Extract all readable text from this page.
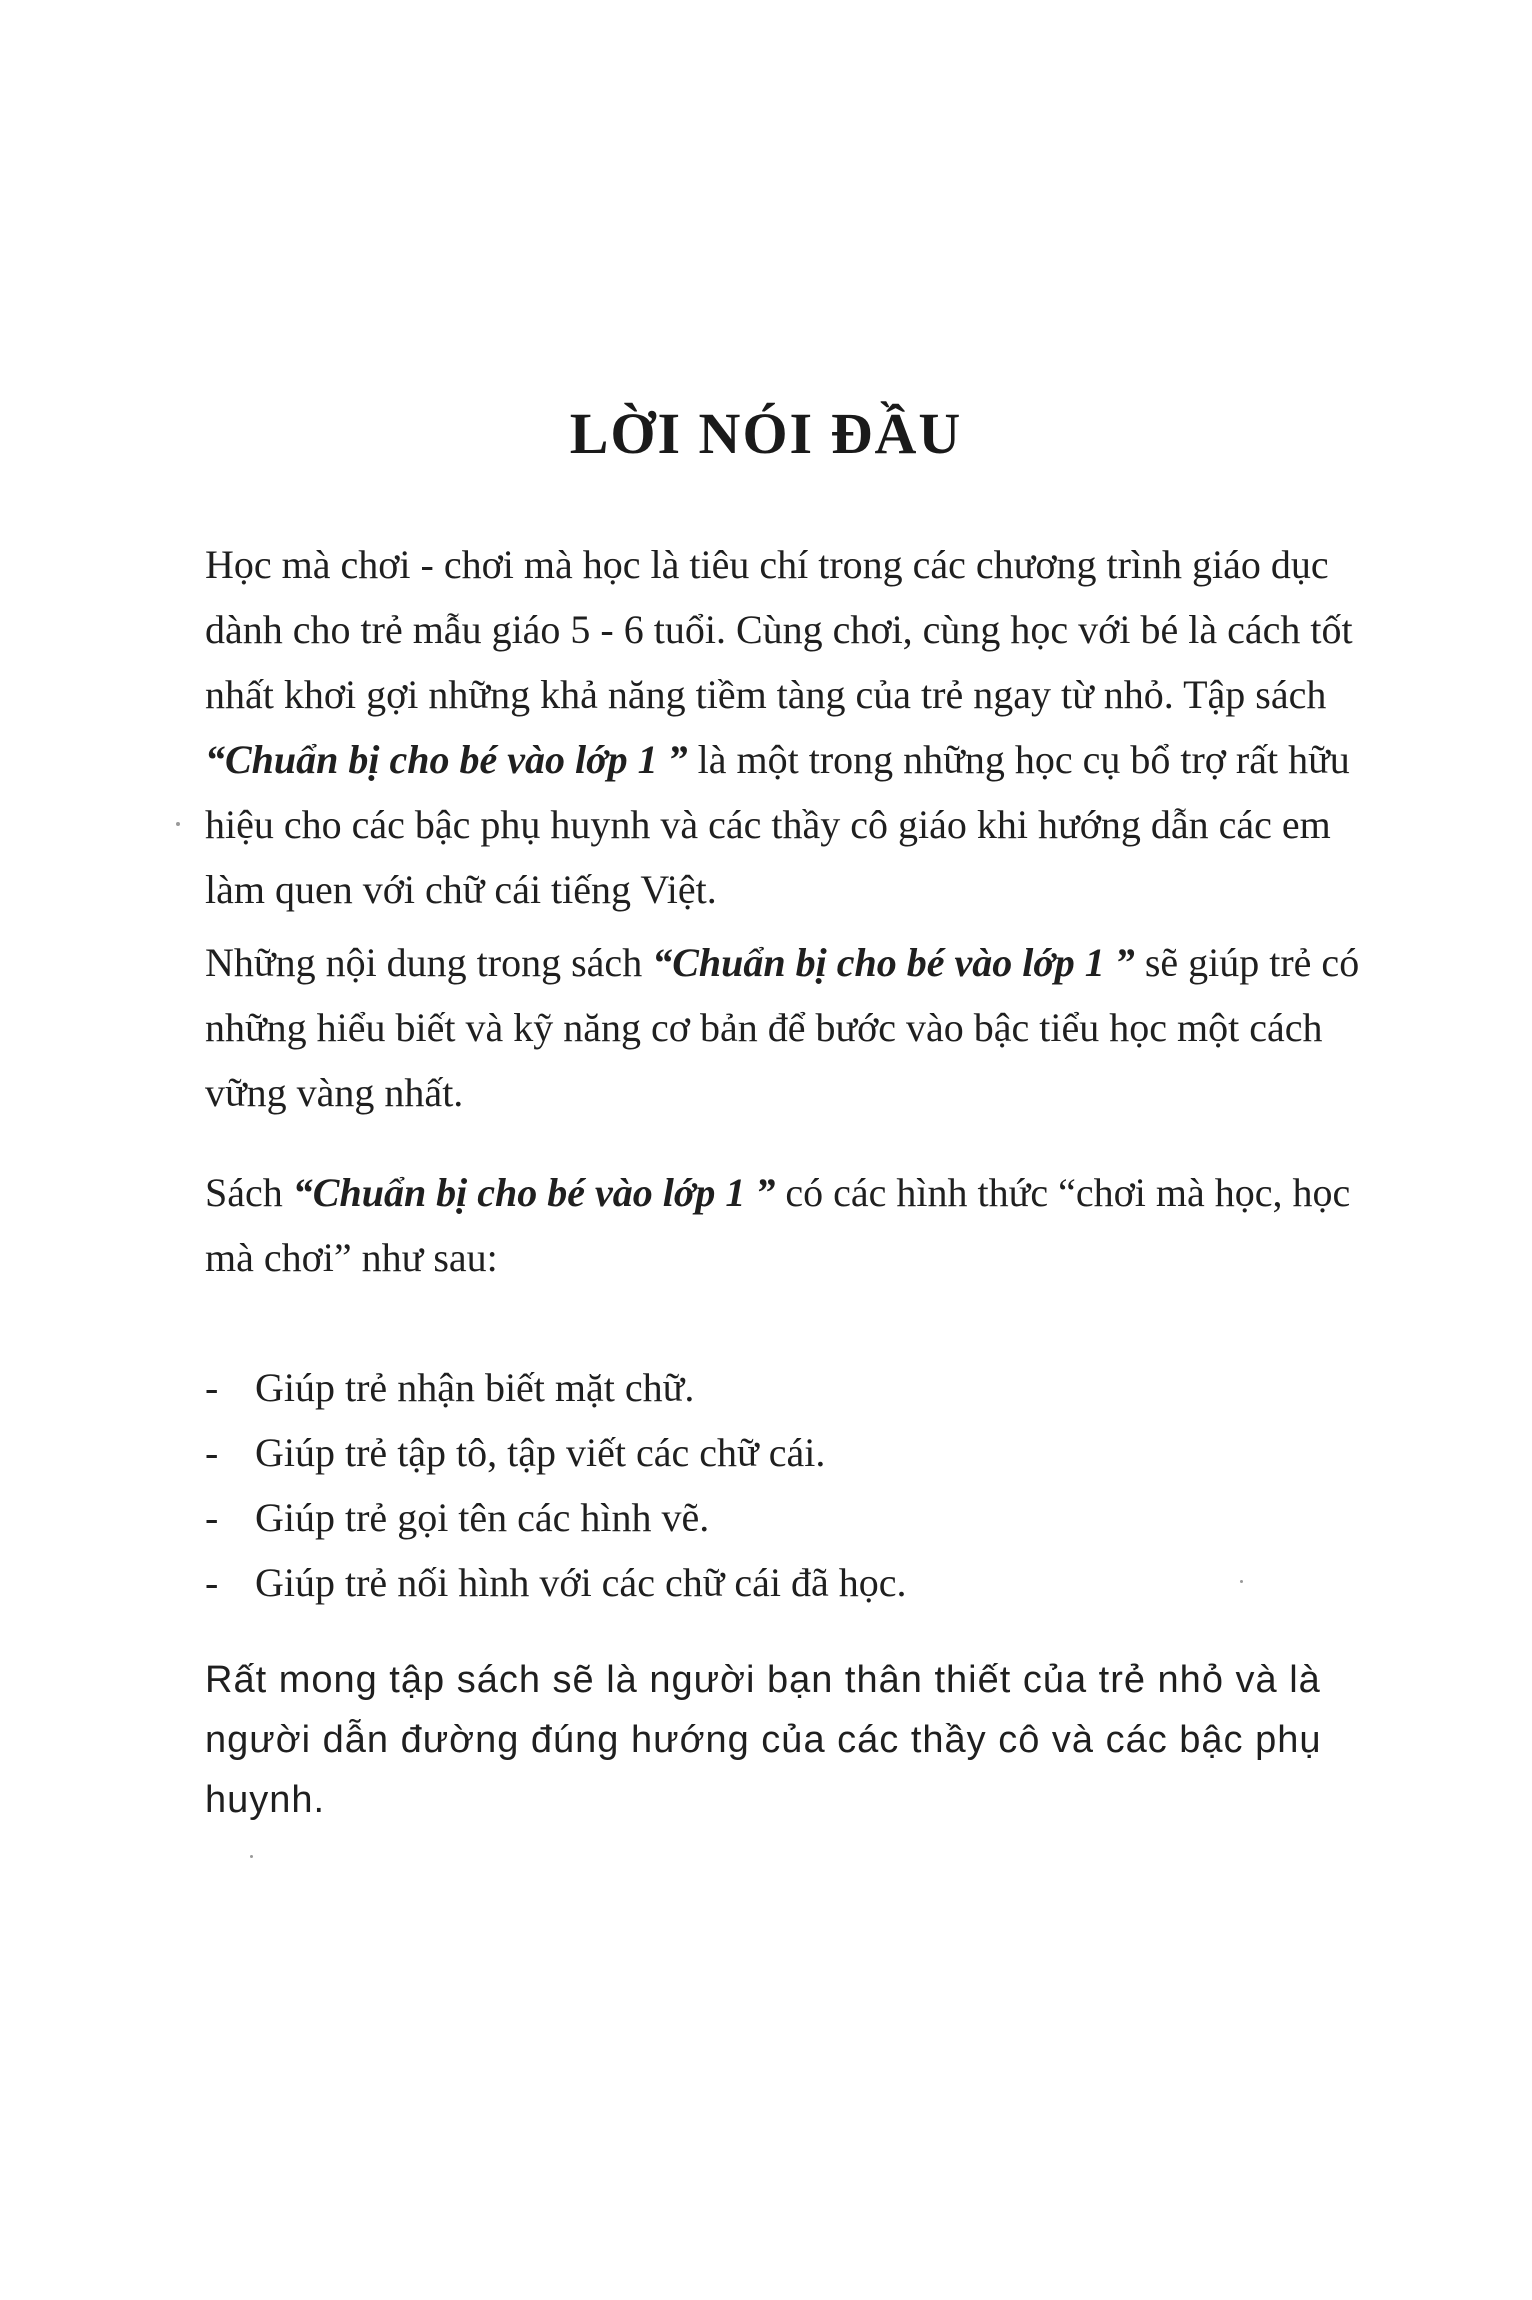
LỜI NÓI ĐẦU

Học mà chơi - chơi mà học là tiêu chí trong các chương trình giáo dục dành cho trẻ mẫu giáo 5 - 6 tuổi. Cùng chơi, cùng học với bé là cách tốt nhất khơi gợi những khả năng tiềm tàng của trẻ ngay từ nhỏ. Tập sách “Chuẩn bị cho bé vào lớp 1 ” là một trong những học cụ bổ trợ rất hữu hiệu cho các bậc phụ huynh và các thầy cô giáo khi hướng dẫn các em làm quen với chữ cái tiếng Việt.

Những nội dung trong sách “Chuẩn bị cho bé vào lớp 1 ” sẽ giúp trẻ có những hiểu biết và kỹ năng cơ bản để bước vào bậc tiểu học một cách vững vàng nhất.

Sách “Chuẩn bị cho bé vào lớp 1 ” có các hình thức “chơi mà học, học mà chơi” như sau:

- Giúp trẻ nhận biết mặt chữ.
- Giúp trẻ tập tô, tập viết các chữ cái.
- Giúp trẻ gọi tên các hình vẽ.
- Giúp trẻ nối hình với các chữ cái đã học.

Rất mong tập sách sẽ là người bạn thân thiết của trẻ nhỏ và là người dẫn đường đúng hướng của các thầy cô và các bậc phụ huynh.
